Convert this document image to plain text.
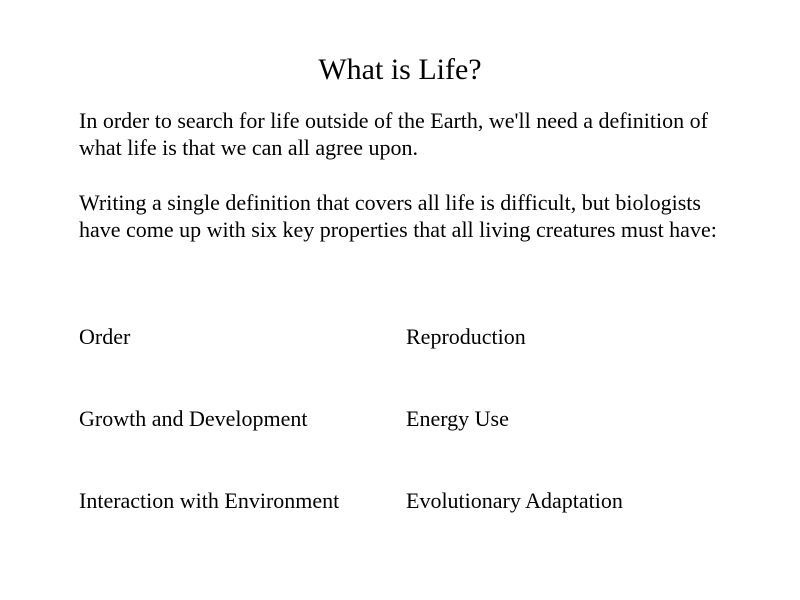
What is Life?

In order to search for life outside of the Earth, we'll need a definition of what life is that we can all agree upon.

Writing a single definition that covers all life is difficult, but biologists have come up with six key properties that all living creatures must have:

Order	Reproduction
Growth and Development	Energy Use
Interaction with Environment	Evolutionary Adaptation
